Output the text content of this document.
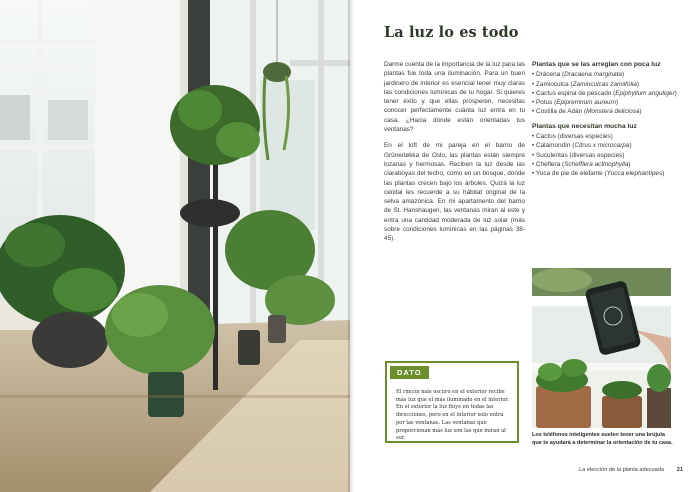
La luz lo es todo

Darme cuenta de la importancia de la luz para las plantas fue toda una iluminación. Para un buen jardinero de interior es esencial tener muy claras las condiciones lumínicas de tu hogar. Si quieres tener éxito y que ellas prosperen, necesitas conocer perfectamente cuánta luz entra en tu casa. ¿Hacia dónde están orientadas tus ventanas?

En el loft de mi pareja en el barrio de Grünerløkka de Oslo, las plantas están siempre lozanas y hermosas. Reciben la luz desde las claraboyas del techo, como en un bosque, donde las plantas crecen bajo los árboles. Quizá la luz cenital les recuerde a su hábitat original de la selva amazónica. En mi apartamento del barrio de St. Hanshaugen, las ventanas miran al este y entra una cantidad moderada de luz solar (más sobre condiciones lumínicas en las páginas 38-45).

Plantas que se las arreglan con poca luz
• Drácena (Dracaena marginata)
• Zamioculca (Zamioculcas zamiifolia)
• Cactus espina de pescado (Epiphyllum anguliger)
• Potus (Epipremnum aureum)
• Costilla de Adán (Monstera deliciosa)
Plantas que necesitan mucha luz
• Cactus (diversas especies)
• Calamondín (Citrus x microcarpa)
• Suculentas (diversas especies)
• Cheflera (Schefflera actinophylla)
• Yuca de pie de elefante (Yucca elephantipes)
DATO
El rincón más oscuro en el exterior recibe más luz que el más iluminado en el interior. En el exterior la luz fluye en todas las direcciones, pero en el interior solo entra por las ventanas. Las ventanas que proporcionan más luz son las que miran al sur.
Los teléfonos inteligentes suelen tener una brújula que te ayudará a determinar la orientación de tu casa.
La elección de la planta adecuada 21
